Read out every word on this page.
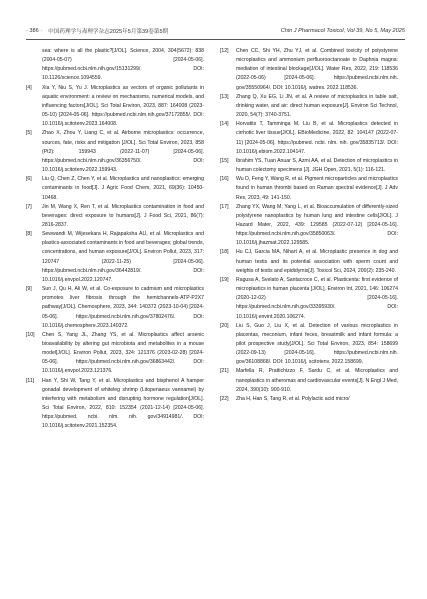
· 386 · 中国药理学与毒理学杂志2025年5月第39卷第5期	Chin J Pharmacol Toxicol, Vol 39, No 5, May 2025
sea: where is all the plastic?[J/OL]. Science, 2004, 304(5672): 838 (2004-05-07) [2024-05-06]. https://pubmed.ncbi.nlm.nih.gov/15131299/. DOI: 10.1126/science.1094559.
[4]	Xia Y, Niu S, Yu J. Microplastics as vectors of organic pollutants in aquatic environment: a review on mechanisms, numerical models, and influencing factors[J/OL]. Sci Total Environ, 2023, 887: 164008 (2023-05-10) [2024-05-06]. https://pubmed.ncbi.nlm.nih.gov/37172855/. DOI: 10.1016/j.scitotenv.2023.164008.
[5]	Zhao X, Zhou Y, Liang C, et al. Airborne microplastics: occurrence, sources, fate, risks and mitigation [J/OL]. Sci Total Environ, 2023, 858 (Pt2): 159943 (2022-11-07) [2024-05-06]. https://pubmed.ncbi.nlm.nih.gov/36356750/. DOI: 10.1016/j.scitotenv.2022.159943.
[6]	Liu Q, Chen Z, Chen Y, et al. Microplastics and nanoplastics: emerging contaminants in food[J]. J Agric Food Chem, 2021, 69(36): 10450-10468.
[7]	Jin M, Wang X, Ren T, et al. Microplastics contamination in food and beverages: direct exposure to humans[J]. J Food Sci, 2021, 86(7): 2816-2837.
[8]	Sewwandi M, Wijesekara H, Rajapaksha AU, et al. Microplastics and plastics-associated contaminants in food and beverages; global trends, concentrations, and human exposure[J/OL]. Environ Pollut, 2023, 317: 120747 (2022-11-25) [2024-05-06]. https://pubmed.ncbi.nlm.nih.gov/36442819/. DOI: 10.1016/j.envpol.2022.120747.
[9]	Sun J, Qu H, Ali W, et al. Co-exposure to cadmium and microplastics promotes liver fibrosis through the hemichannels-ATP-P2X7 pathway[J/OL]. Chemosphere, 2023, 344: 140372 (2023-10-04) [2024-05-06]. https://pubmed.ncbi.nlm.nih.gov/37802476/. DOI: 10.1016/j.chemosphere.2023.140372.
[10]	Chen S, Yang JL, Zhang YS, et al. Microplastics affect arsenic bioavailability by altering gut microbiota and metabolites in a mouse model[J/OL]. Environ Pollut, 2023, 324: 121376 (2023-02-28) [2024-05-06]. https://pubmed.ncbi.nlm.nih.gov/36863442/. DOI: 10.1016/j.envpol.2023.121376.
[11]	Han Y, Shi W, Tang Y, et al. Microplastics and bisphenol A hamper gonadal development of whiteleg shrimp (Litopenaeus vannamei) by interfering with metabolism and disrupting hormone regulation[J/OL]. Sci Total Environ, 2022, 810: 152354 (2021-12-14) [2024-05-06]. https://pubmed. ncbi. nlm. nih. gov/34914981/. DOI: 10.1016/j.scitotenv.2021.152354.
[12]	Chen CC, Shi YH, Zhu YJ, et al. Combined toxicity of polystyrene microplastics and ammonium perfluorooctanoate to Daphnia magna: mediation of intestinal blockage[J/OL]. Water Res, 2022, 219: 118536 (2022-05-06) [2024-05-06]. https://pubmed.ncbi.nlm.nih. gov/35550964/. DOI: 10.1016/j. watres. 2022.118536.
[13]	Zhang Q, Xu EG, Li JN, et al. A review of microplastics in table salt, drinking water, and air: direct human exposure[J]. Environ Sci Technol, 2020, 54(7): 3740-3751.
[14]	Horvatits T, Tamminga M, Liu B, et al. Microplastics detected in cirrhotic liver tissue[J/OL]. EBioMedicine, 2022, 82: 104147 (2022-07-11) [2024-05-06]. https://pubmed. ncbi. nlm. nih. gov/35835713/. DOI: 10.1016/j.ebiom.2022.104147.
[15]	Ibrahim YS, Tuan Anuar S, Azmi AA, et al. Detection of microplastics in human colectomy specimens [J]. JGH Open, 2021, 5(1): 116-121.
[16]	Wu D, Feng Y, Wang R, et al. Pigment microparticles and microplastics found in human thrombi based on Raman spectral evidence[J]. J Adv Res, 2023, 49: 141-150.
[17]	Zhang YX, Wang M, Yang L, et al. Bioaccumulation of differently-sized polystyrene nanoplastics by human lung and intestine cells[J/OL]. J Hazard Mater, 2022, 439: 129585 (2022-07-12) [2024-05-16]. https://pubmed.ncbi.nlm.nih.gov/35850063/. DOI: 10.1016/j.jhazmat.2022.129585.
[18]	Hu CJ, Garcia MA, Nihart A, et al. Microplastic presence in dog and human testis and its potential association with sperm count and weights of testis and epididymis[J]. Toxicol Sci, 2024, 200(2): 235-240.
[19]	Ragusa A, Svelato A, Santacroce C, et al. Plasticenta: first evidence of microplastics in human placenta [J/OL]. Environ Int, 2021, 146: 106274 (2020-12-02) [2024-05-16]. https://pubmed.ncbi.nlm.nih.gov/33395930/. DOI: 10.1016/j.envint.2020.106274.
[20]	Liu S, Guo J, Liu X, et al. Detection of various microplastics in placentas, meconium, infant feces, breastmilk and infant formula: a pilot prospective study[J/OL]. Sci Total Environ, 2023, 854: 158699 (2022-09-13) [2024-05-16]. https://pubmed.ncbi.nlm.nih. gov/36108868/. DOI: 10.1016/j. scitotenv. 2022.158699.
[21]	Marfella R, Prattichizzo F, Sardu C, et al. Microplastics and nanoplastics in atheromas and cardiovascular events[J]. N Engl J Med, 2024, 390(10): 900-910.
[22]	Zha H, Han S, Tang R, et al. Polylactic acid micro/
